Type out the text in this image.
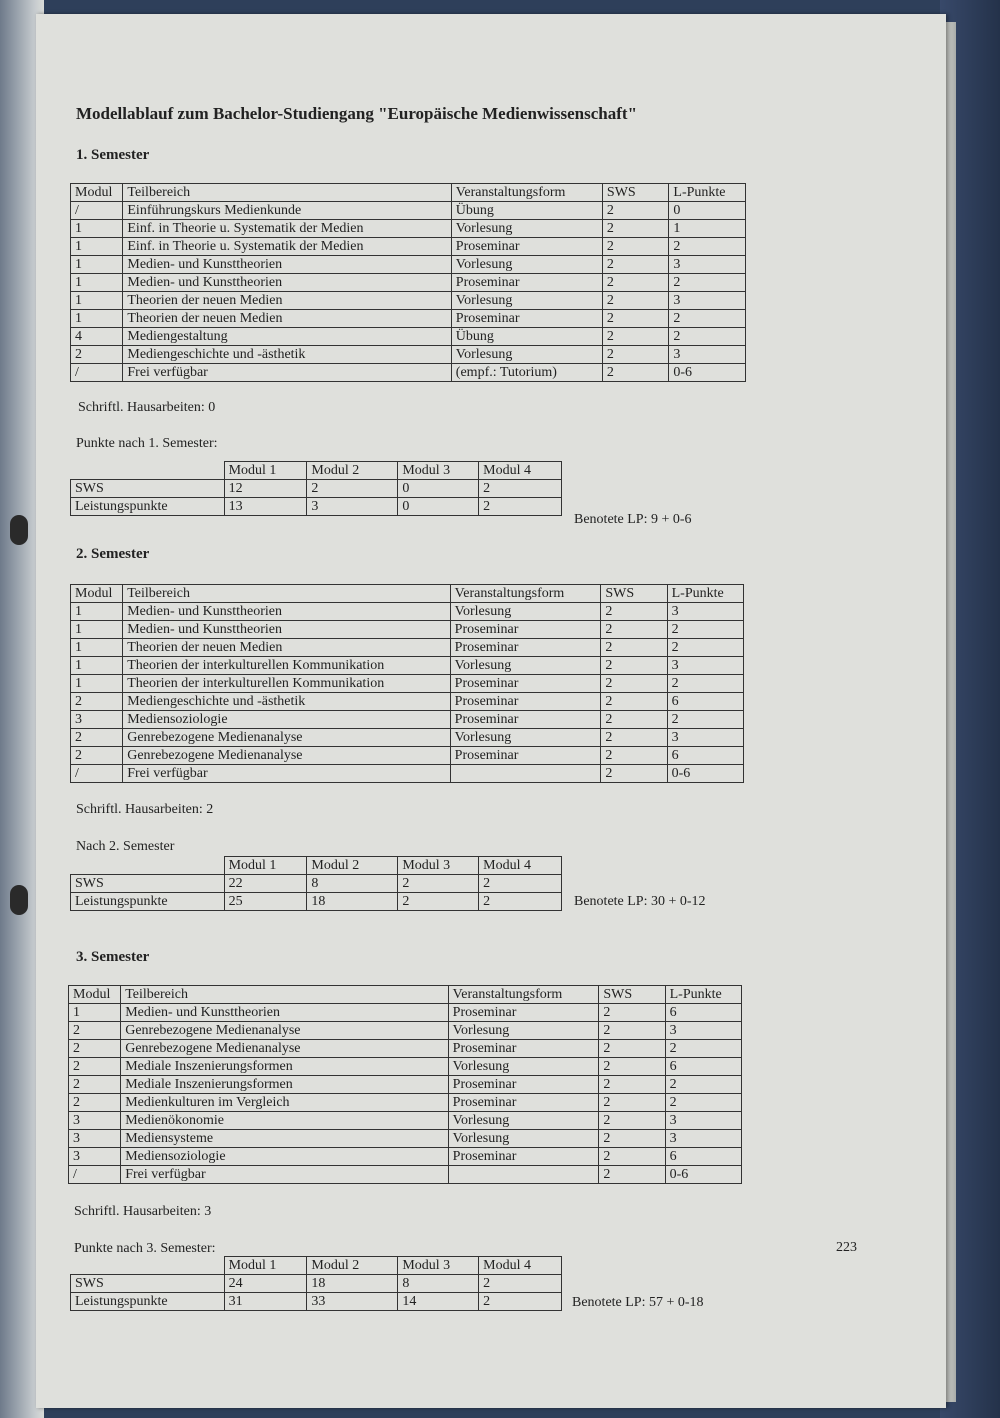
Modellablauf zum Bachelor-Studiengang "Europäische Medienwissenschaft"
1. Semester
Modul	Teilbereich	Veranstaltungsform	SWS	L-Punkte
/	Einführungskurs Medienkunde	Übung	2	0
1	Einf. in Theorie u. Systematik der Medien	Vorlesung	2	1
1	Einf. in Theorie u. Systematik der Medien	Proseminar	2	2
1	Medien- und Kunsttheorien	Vorlesung	2	3
1	Medien- und Kunsttheorien	Proseminar	2	2
1	Theorien der neuen Medien	Vorlesung	2	3
1	Theorien der neuen Medien	Proseminar	2	2
4	Mediengestaltung	Übung	2	2
2	Mediengeschichte und -ästhetik	Vorlesung	2	3
/	Frei verfügbar	(empf.: Tutorium)	2	0-6
Schriftl. Hausarbeiten: 0
Punkte nach 1. Semester:
	Modul 1	Modul 2	Modul 3	Modul 4
SWS	12	2	0	2
Leistungspunkte	13	3	0	2
Benotete LP: 9 + 0-6
2. Semester
Modul	Teilbereich	Veranstaltungsform	SWS	L-Punkte
1	Medien- und Kunsttheorien	Vorlesung	2	3
1	Medien- und Kunsttheorien	Proseminar	2	2
1	Theorien der neuen Medien	Proseminar	2	2
1	Theorien der interkulturellen Kommunikation	Vorlesung	2	3
1	Theorien der interkulturellen Kommunikation	Proseminar	2	2
2	Mediengeschichte und -ästhetik	Proseminar	2	6
3	Mediensoziologie	Proseminar	2	2
2	Genrebezogene Medienanalyse	Vorlesung	2	3
2	Genrebezogene Medienanalyse	Proseminar	2	6
/	Frei verfügbar		2	0-6
Schriftl. Hausarbeiten: 2
Nach 2. Semester
	Modul 1	Modul 2	Modul 3	Modul 4
SWS	22	8	2	2
Leistungspunkte	25	18	2	2	Benotete LP: 30 + 0-12
3. Semester
Modul	Teilbereich	Veranstaltungsform	SWS	L-Punkte
1	Medien- und Kunsttheorien	Proseminar	2	6
2	Genrebezogene Medienanalyse	Vorlesung	2	3
2	Genrebezogene Medienanalyse	Proseminar	2	2
2	Mediale Inszenierungsformen	Vorlesung	2	6
2	Mediale Inszenierungsformen	Proseminar	2	2
2	Medienkulturen im Vergleich	Proseminar	2	2
3	Medienökonomie	Vorlesung	2	3
3	Mediensysteme	Vorlesung	2	3
3	Mediensoziologie	Proseminar	2	6
/	Frei verfügbar		2	0-6
Schriftl. Hausarbeiten: 3
Punkte nach 3. Semester:
	Modul 1	Modul 2	Modul 3	Modul 4
SWS	24	18	8	2
Leistungspunkte	31	33	14	2	Benotete LP: 57 + 0-18
223
